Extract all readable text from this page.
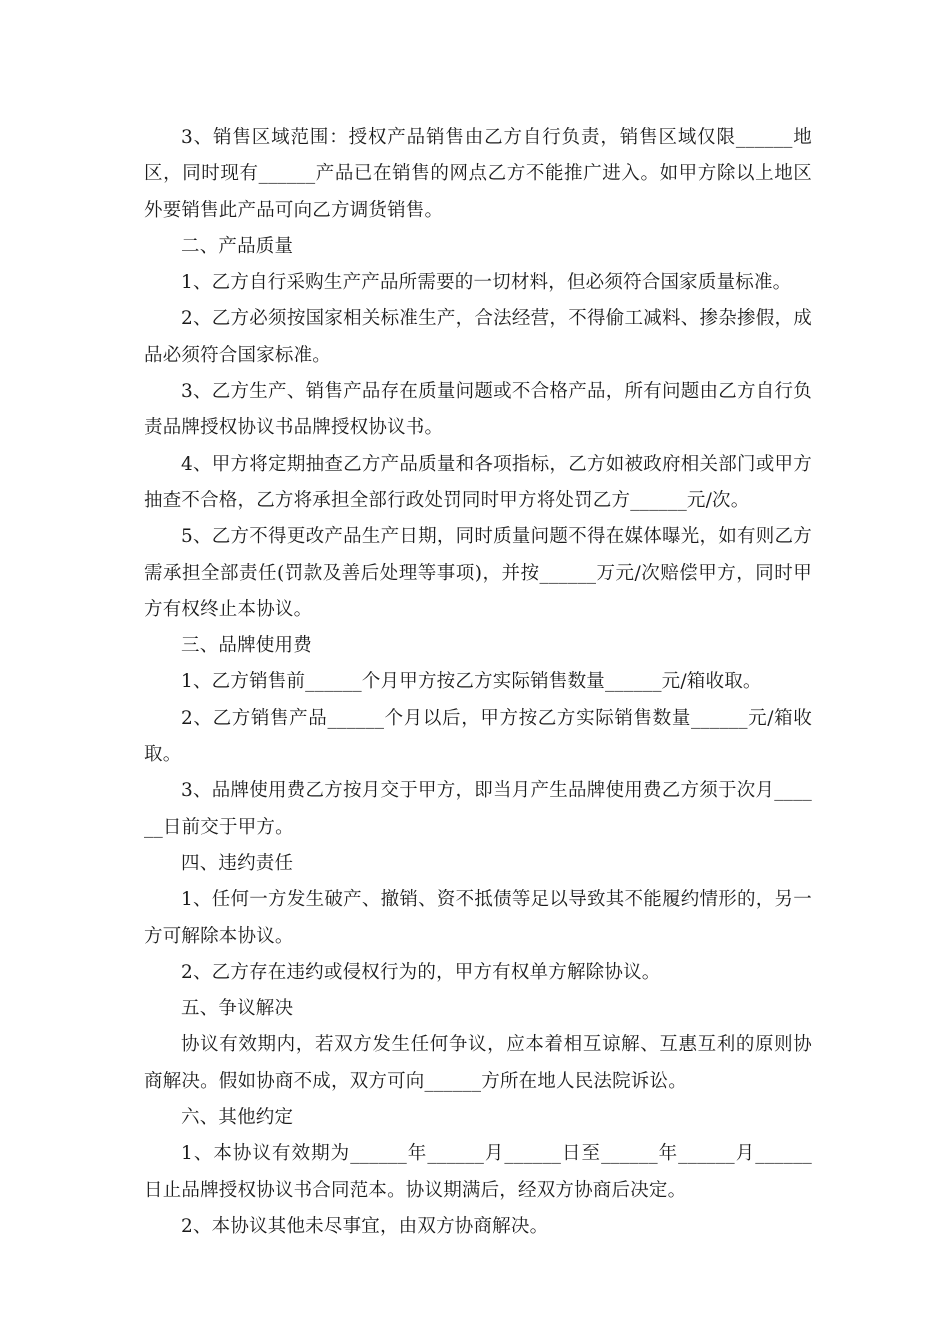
3、销售区域范围：授权产品销售由乙方自行负责，销售区域仅限______地区，同时现有______产品已在销售的网点乙方不能推广进入。如甲方除以上地区外要销售此产品可向乙方调货销售。

二、产品质量

1、乙方自行采购生产产品所需要的一切材料，但必须符合国家质量标准。

2、乙方必须按国家相关标准生产，合法经营，不得偷工减料、掺杂掺假，成品必须符合国家标准。

3、乙方生产、销售产品存在质量问题或不合格产品，所有问题由乙方自行负责品牌授权协议书品牌授权协议书。

4、甲方将定期抽查乙方产品质量和各项指标，乙方如被政府相关部门或甲方抽查不合格，乙方将承担全部行政处罚同时甲方将处罚乙方______元/次。

5、乙方不得更改产品生产日期，同时质量问题不得在媒体曝光，如有则乙方需承担全部责任(罚款及善后处理等事项)，并按______万元/次赔偿甲方，同时甲方有权终止本协议。

三、品牌使用费

1、乙方销售前______个月甲方按乙方实际销售数量______元/箱收取。

2、乙方销售产品______个月以后，甲方按乙方实际销售数量______元/箱收取。

3、品牌使用费乙方按月交于甲方，即当月产生品牌使用费乙方须于次月______日前交于甲方。

四、违约责任

1、任何一方发生破产、撤销、资不抵债等足以导致其不能履约情形的，另一方可解除本协议。

2、乙方存在违约或侵权行为的，甲方有权单方解除协议。

五、争议解决

协议有效期内，若双方发生任何争议，应本着相互谅解、互惠互利的原则协商解决。假如协商不成，双方可向______方所在地人民法院诉讼。

六、其他约定

1、本协议有效期为______年______月______日至______年______月______日止品牌授权协议书合同范本。协议期满后，经双方协商后决定。

2、本协议其他未尽事宜，由双方协商解决。
